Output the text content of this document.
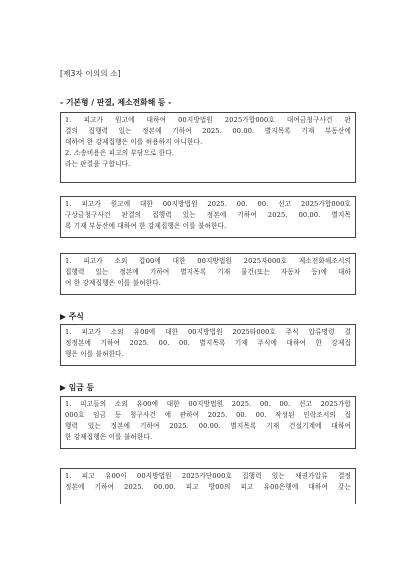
[제3자 이의의 소]
- 기본형 / 판결, 제소전화해 등 -
1. 피고가 원고에 대하여 00지방법원 2025가합000호 대여금청구사건 판
결의 집행력 있는 정본에 기하여 2025. 00.00. 별지목록 기재 부동산에
대하여 한 강제집행은 이를 허용하지 아니한다.
2. 소송비용은 피고의 부담으로 한다.
라는 판결을 구합니다.
1. 피고가 원고에 대한 00지방법원 2025. 00. 00. 선고 2025가합000호
구상금청구사건 판결의 집행력 있는 정본에 기하여 2025. 00.00. 별지목
록 기재 부동산에 대하여 한 강제집행은 이를 불허한다.
1. 피고가 소외 갑00에 대한 00지방법원 2025자000호 제소전화해조서의
집행력 있는 정본에 기하여 별지목록 기재 물건(또는 자동차 등)에 대하
여 한 강제집행은 이를 불허한다.
▶ 주식
1. 피고가 소외 유00에 대한 00지방법원 2025타000호 주식 압류명령 결
정정본에 기하여 2025. 00. 00. 별지목록 기재 주식에 대하여 한 강제집
행은 이를 불허한다.
▶ 임금 등
1. 피고들의 소외 유00에 대한 00지방법원 2025. 00. 00. 선고 2025가합
000호 임금 등 청구사건 에 관하여 2025. 00. 00. 작성된 인락조서의 집
행력 있는 정본에 기하여 2025. 00.00. 별지목록 기재 건설기계에 대하여
한 강제집행은 이를 불허한다.
1. 피고 유00이 00지방법원 2025카단000호 집행력 있는 채권가압류 결정
정본에 기하여 2025. 00.00. 피고 방00의 피고 유00은행에 대하여 갖는
